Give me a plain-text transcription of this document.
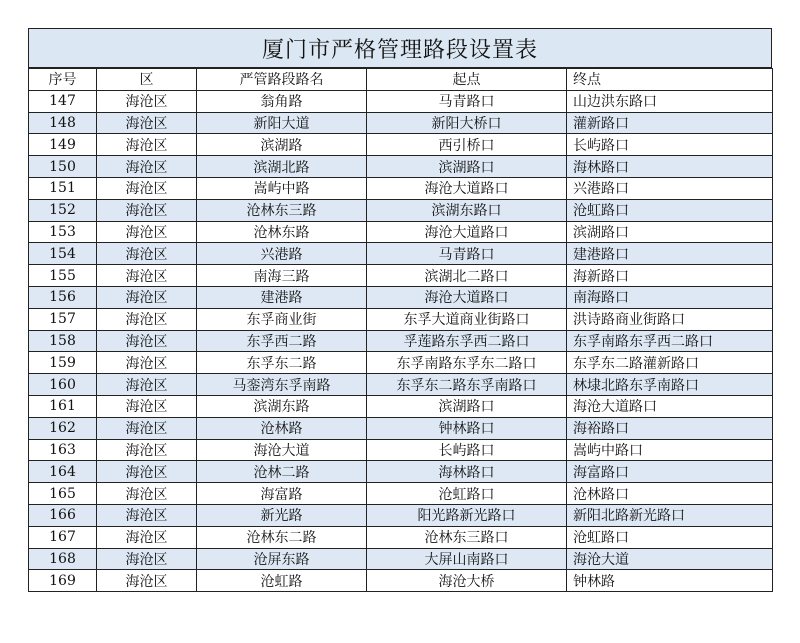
厦门市严格管理路段设置表
序号	区	严管路段路名	起点	终点
147	海沧区	翁角路	马青路口	山边洪东路口
148	海沧区	新阳大道	新阳大桥口	灌新路口
149	海沧区	滨湖路	西引桥口	长屿路口
150	海沧区	滨湖北路	滨湖路口	海林路口
151	海沧区	嵩屿中路	海沧大道路口	兴港路口
152	海沧区	沧林东三路	滨湖东路口	沧虹路口
153	海沧区	沧林东路	海沧大道路口	滨湖路口
154	海沧区	兴港路	马青路口	建港路口
155	海沧区	南海三路	滨湖北二路口	海新路口
156	海沧区	建港路	海沧大道路口	南海路口
157	海沧区	东孚商业街	东孚大道商业街路口	洪诗路商业街路口
158	海沧区	东孚西二路	孚莲路东孚西二路口	东孚南路东孚西二路口
159	海沧区	东孚东二路	东孚南路东孚东二路口	东孚东二路灌新路口
160	海沧区	马銮湾东孚南路	东孚东二路东孚南路口	林埭北路东孚南路口
161	海沧区	滨湖东路	滨湖路口	海沧大道路口
162	海沧区	沧林路	钟林路口	海裕路口
163	海沧区	海沧大道	长屿路口	嵩屿中路口
164	海沧区	沧林二路	海林路口	海富路口
165	海沧区	海富路	沧虹路口	沧林路口
166	海沧区	新光路	阳光路新光路口	新阳北路新光路口
167	海沧区	沧林东二路	沧林东三路口	沧虹路口
168	海沧区	沧屏东路	大屏山南路口	海沧大道
169	海沧区	沧虹路	海沧大桥	钟林路
